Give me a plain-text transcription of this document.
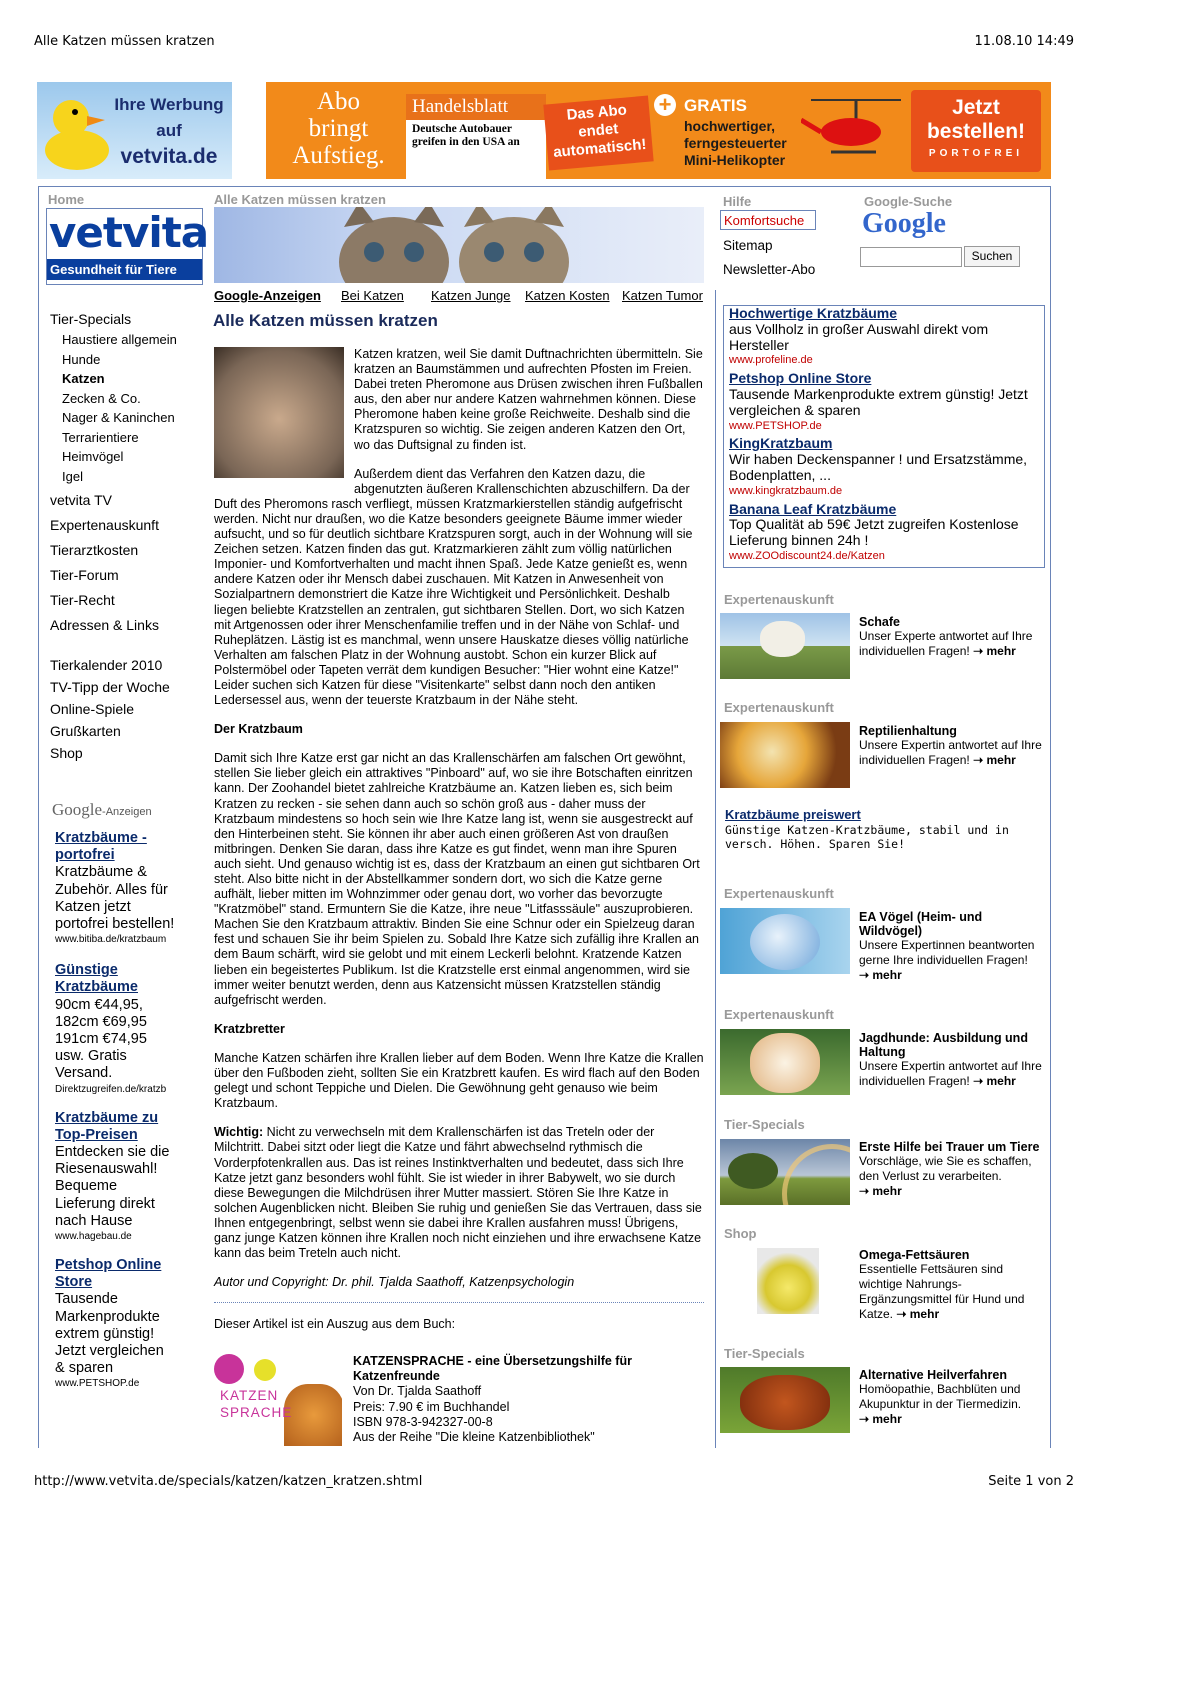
Alle Katzen müssen kratzen	11.08.10 14:49
Ihre Werbung
auf
vetvita.de
Abo
bringt
Aufstieg.
Handelsblatt
Deutsche Autobauer
greifen in den USA an
Das Abo
endet
automatisch!
+ GRATIS
hochwertiger,
ferngesteuerter
Mini-Helikopter
Jetzt
bestellen!
PORTOFREI
Home
vetvita
Gesundheit für Tiere
Tier-Specials
Haustiere allgemein
Hunde
Katzen
Zecken & Co.
Nager & Kaninchen
Terrarientiere
Heimvögel
Igel
vetvita TV
Expertenauskunft
Tierarztkosten
Tier-Forum
Tier-Recht
Adressen & Links
Tierkalender 2010
TV-Tipp der Woche
Online-Spiele
Grußkarten
Shop
Google-Anzeigen
Kratzbäume -
portofrei
Kratzbäume & Zubehör. Alles für Katzen jetzt portofrei bestellen!
www.bitiba.de/kratzbaum
Günstige
Kratzbäume
90cm €44,95, 182cm €69,95 191cm €74,95 usw. Gratis Versand.
Direktzugreifen.de/kratzb
Kratzbäume zu
Top-Preisen
Entdecken sie die Riesenauswahl! Bequeme Lieferung direkt nach Hause
www.hagebau.de
Petshop Online
Store
Tausende Markenprodukte extrem günstig! Jetzt vergleichen & sparen
www.PETSHOP.de
Alle Katzen müssen kratzen
Google-Anzeigen Bei Katzen Katzen Junge Katzen Kosten Katzen Tumor
Alle Katzen müssen kratzen

Katzen kratzen, weil Sie damit Duftnachrichten übermitteln. Sie kratzen an Baumstämmen und aufrechten Pfosten im Freien. Dabei treten Pheromone aus Drüsen zwischen ihren Fußballen aus, den aber nur andere Katzen wahrnehmen können. Diese Pheromone haben keine große Reichweite. Deshalb sind die Kratzspuren so wichtig. Sie zeigen anderen Katzen den Ort, wo das Duftsignal zu finden ist.

Außerdem dient das Verfahren den Katzen dazu, die abgenutzten äußeren Krallenschichten abzuschilfern. Da der Duft des Pheromons rasch verfliegt, müssen Kratzmarkierstellen ständig aufgefrischt werden. Nicht nur draußen, wo die Katze besonders geeignete Bäume immer wieder aufsucht, und so für deutlich sichtbare Kratzspuren sorgt, auch in der Wohnung will sie Zeichen setzen. Katzen finden das gut. Kratzmarkieren zählt zum völlig natürlichen Imponier- und Komfortverhalten und macht ihnen Spaß. Jede Katze genießt es, wenn andere Katzen oder ihr Mensch dabei zuschauen. Mit Katzen in Anwesenheit von Sozialpartnern demonstriert die Katze ihre Wichtigkeit und Persönlichkeit. Deshalb liegen beliebte Kratzstellen an zentralen, gut sichtbaren Stellen. Dort, wo sich Katzen mit Artgenossen oder ihrer Menschenfamilie treffen und in der Nähe von Schlaf- und Ruheplätzen. Lästig ist es manchmal, wenn unsere Hauskatze dieses völlig natürliche Verhalten am falschen Platz in der Wohnung austobt. Schon ein kurzer Blick auf Polstermöbel oder Tapeten verrät dem kundigen Besucher: "Hier wohnt eine Katze!" Leider suchen sich Katzen für diese "Visitenkarte" selbst dann noch den antiken Ledersessel aus, wenn der teuerste Kratzbaum in der Nähe steht.

Der Kratzbaum

Damit sich Ihre Katze erst gar nicht an das Krallenschärfen am falschen Ort gewöhnt, stellen Sie lieber gleich ein attraktives "Pinboard" auf, wo sie ihre Botschaften einritzen kann. Der Zoohandel bietet zahlreiche Kratzbäume an. Katzen lieben es, sich beim Kratzen zu recken - sie sehen dann auch so schön groß aus - daher muss der Kratzbaum mindestens so hoch sein wie Ihre Katze lang ist, wenn sie ausgestreckt auf den Hinterbeinen steht. Sie können ihr aber auch einen größeren Ast von draußen mitbringen. Denken Sie daran, dass ihre Katze es gut findet, wenn man ihre Spuren auch sieht. Und genauso wichtig ist es, dass der Kratzbaum an einen gut sichtbaren Ort steht. Also bitte nicht in der Abstellkammer sondern dort, wo sich die Katze gerne aufhält, lieber mitten im Wohnzimmer oder genau dort, wo vorher das bevorzugte "Kratzmöbel" stand. Ermuntern Sie die Katze, ihre neue "Litfasssäule" auszuprobieren. Machen Sie den Kratzbaum attraktiv. Binden Sie eine Schnur oder ein Spielzeug daran fest und schauen Sie ihr beim Spielen zu. Sobald Ihre Katze sich zufällig ihre Krallen an dem Baum schärft, wird sie gelobt und mit einem Leckerli belohnt. Kratzende Katzen lieben ein begeistertes Publikum. Ist die Kratzstelle erst einmal angenommen, wird sie immer weiter benutzt werden, denn aus Katzensicht müssen Kratzstellen ständig aufgefrischt werden.

Kratzbretter

Manche Katzen schärfen ihre Krallen lieber auf dem Boden. Wenn Ihre Katze die Krallen über den Fußboden zieht, sollten Sie ein Kratzbrett kaufen. Es wird flach auf den Boden gelegt und schont Teppiche und Dielen. Die Gewöhnung geht genauso wie beim Kratzbaum.

Wichtig: Nicht zu verwechseln mit dem Krallenschärfen ist das Treteln oder der Milchtritt. Dabei sitzt oder liegt die Katze und fährt abwechselnd rythmisch die Vorderpfotenkrallen aus. Das ist reines Instinktverhalten und bedeutet, dass sich Ihre Katze jetzt ganz besonders wohl fühlt. Sie ist wieder in ihrer Babywelt, wo sie durch diese Bewegungen die Milchdrüsen ihrer Mutter massiert. Stören Sie Ihre Katze in solchen Augenblicken nicht. Bleiben Sie ruhig und genießen Sie das Vertrauen, dass sie Ihnen entgegenbringt, selbst wenn sie dabei ihre Krallen ausfahren muss! Übrigens, ganz junge Katzen können ihre Krallen noch nicht einziehen und ihre erwachsene Katze kann das beim Treteln auch nicht.

Autor und Copyright: Dr. phil. Tjalda Saathoff, Katzenpsychologin

Dieser Artikel ist ein Auszug aus dem Buch:

KATZEN
SPRACHE
KATZENSPRACHE - eine Übersetzungshilfe für Katzenfreunde
Von Dr. Tjalda Saathoff
Preis: 7.90 € im Buchhandel
ISBN 978-3-942327-00-8
Aus der Reihe "Die kleine Katzenbibliothek"
Hilfe
Komfortsuche
Sitemap
Newsletter-Abo
Google-Suche
Google
Suchen
Hochwertige Kratzbäume
aus Vollholz in großer Auswahl direkt vom Hersteller
www.profeline.de
Petshop Online Store
Tausende Markenprodukte extrem günstig! Jetzt vergleichen & sparen
www.PETSHOP.de
KingKratzbaum
Wir haben Deckenspanner ! und Ersatzstämme, Bodenplatten, ...
www.kingkratzbaum.de
Banana Leaf Kratzbäume
Top Qualität ab 59€ Jetzt zugreifen Kostenlose Lieferung binnen 24h !
www.ZOOdiscount24.de/Katzen
Expertenauskunft
Schafe
Unser Experte antwortet auf Ihre individuellen Fragen! ➝ mehr
Expertenauskunft
Reptilienhaltung
Unsere Expertin antwortet auf Ihre individuellen Fragen! ➝ mehr
Kratzbäume preiswert
Günstige Katzen-Kratzbäume, stabil und in versch. Höhen. Sparen Sie!
Expertenauskunft
EA Vögel (Heim- und Wildvögel)
Unsere Expertinnen beantworten gerne Ihre individuellen Fragen!
➝ mehr
Expertenauskunft
Jagdhunde: Ausbildung und Haltung
Unsere Expertin antwortet auf Ihre individuellen Fragen! ➝ mehr
Tier-Specials
Erste Hilfe bei Trauer um Tiere
Vorschläge, wie Sie es schaffen, den Verlust zu verarbeiten.
➝ mehr
Shop
Omega-Fettsäuren
Essentielle Fettsäuren sind wichtige Nahrungs-Ergänzungsmittel für Hund und Katze. ➝ mehr
Tier-Specials
Alternative Heilverfahren
Homöopathie, Bachblüten und Akupunktur in der Tiermedizin.
➝ mehr
http://www.vetvita.de/specials/katzen/katzen_kratzen.shtml	Seite 1 von 2
